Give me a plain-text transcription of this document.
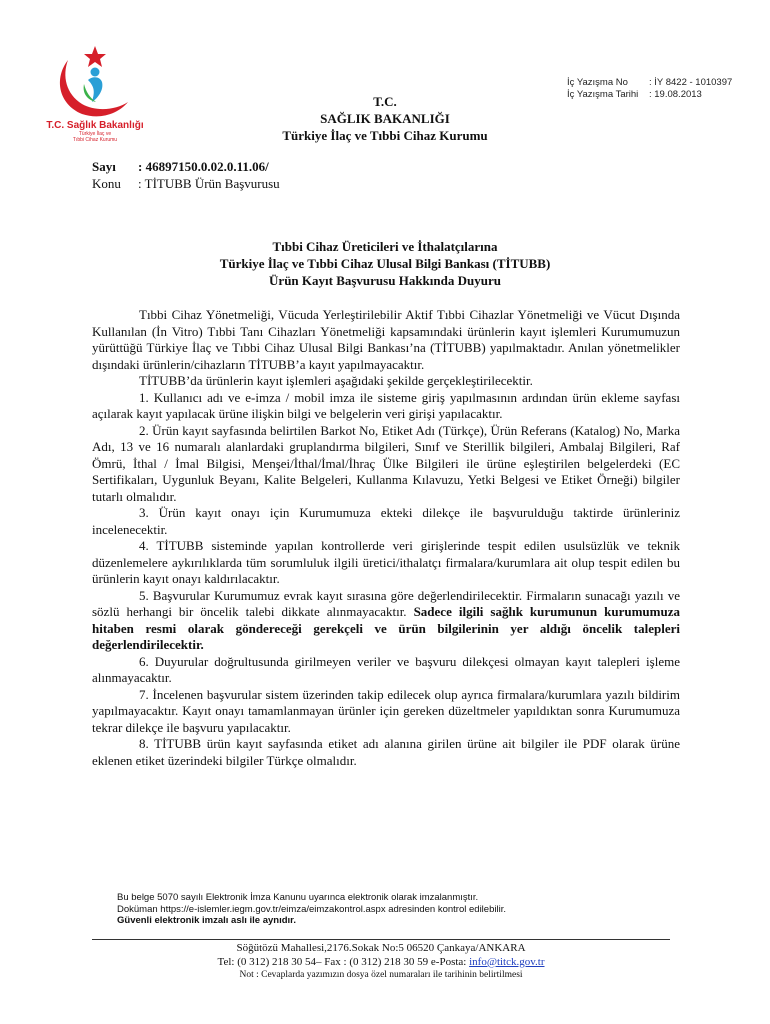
T.C. Sağlık Bakanlığı
Türkiye İlaç ve
Tıbbi Cihaz Kurumu
İç Yazışma No : İY 8422 - 1010397
İç Yazışma Tarihi : 19.08.2013
T.C.
SAĞLIK BAKANLIĞI
Türkiye İlaç ve Tıbbi Cihaz Kurumu
Sayı : 46897150.0.02.0.11.06/
Konu : TİTUBB Ürün Başvurusu
Tıbbi Cihaz Üreticileri ve İthalatçılarına
Türkiye İlaç ve Tıbbi Cihaz Ulusal Bilgi Bankası (TİTUBB)
Ürün Kayıt Başvurusu Hakkında Duyuru

Tıbbi Cihaz Yönetmeliği, Vücuda Yerleştirilebilir Aktif Tıbbi Cihazlar Yönetmeliği ve Vücut Dışında Kullanılan (İn Vitro) Tıbbi Tanı Cihazları Yönetmeliği kapsamındaki ürünlerin kayıt işlemleri Kurumumuzun yürüttüğü Türkiye İlaç ve Tıbbi Cihaz Ulusal Bilgi Bankası’na (TİTUBB) yapılmaktadır. Anılan yönetmelikler dışındaki ürünlerin/cihazların TİTUBB’a kayıt yapılmayacaktır.

TİTUBB’da ürünlerin kayıt işlemleri aşağıdaki şekilde gerçekleştirilecektir.

1. Kullanıcı adı ve e-imza / mobil imza ile sisteme giriş yapılmasının ardından ürün ekleme sayfası açılarak kayıt yapılacak ürüne ilişkin bilgi ve belgelerin veri girişi yapılacaktır.

2. Ürün kayıt sayfasında belirtilen Barkot No, Etiket Adı (Türkçe), Ürün Referans (Katalog) No, Marka Adı, 13 ve 16 numaralı alanlardaki gruplandırma bilgileri, Sınıf ve Sterillik bilgileri, Ambalaj Bilgileri, Raf Ömrü, İthal / İmal Bilgisi, Menşei/İthal/İmal/İhraç Ülke Bilgileri ile ürüne eşleştirilen belgelerdeki (EC Sertifikaları, Uygunluk Beyanı, Kalite Belgeleri, Kullanma Kılavuzu, Yetki Belgesi ve Etiket Örneği) bilgiler tutarlı olmalıdır.

3. Ürün kayıt onayı için Kurumumuza ekteki dilekçe ile başvurulduğu taktirde ürünleriniz incelenecektir.

4. TİTUBB sisteminde yapılan kontrollerde veri girişlerinde tespit edilen usulsüzlük ve teknik düzenlemelere aykırılıklarda tüm sorumluluk ilgili üretici/ithalatçı firmalara/kurumlara ait olup tespit edilen bu ürünlerin kayıt onayı kaldırılacaktır.

5. Başvurular Kurumumuz evrak kayıt sırasına göre değerlendirilecektir. Firmaların sunacağı yazılı ve sözlü herhangi bir öncelik talebi dikkate alınmayacaktır. Sadece ilgili sağlık kurumunun kurumumuza hitaben resmi olarak göndereceği gerekçeli ve ürün bilgilerinin yer aldığı öncelik talepleri değerlendirilecektir.

6. Duyurular doğrultusunda girilmeyen veriler ve başvuru dilekçesi olmayan kayıt talepleri işleme alınmayacaktır.

7. İncelenen başvurular sistem üzerinden takip edilecek olup ayrıca firmalara/kurumlara yazılı bildirim yapılmayacaktır. Kayıt onayı tamamlanmayan ürünler için gereken düzeltmeler yapıldıktan sonra Kurumumuza tekrar dilekçe ile başvuru yapılacaktır.

8. TİTUBB ürün kayıt sayfasında etiket adı alanına girilen ürüne ait bilgiler ile PDF olarak ürüne eklenen etiket üzerindeki bilgiler Türkçe olmalıdır.

Bu belge 5070 sayılı Elektronik İmza Kanunu uyarınca elektronik olarak imzalanmıştır.
Doküman https://e-islemler.iegm.gov.tr/eimza/eimzakontrol.aspx adresinden kontrol edilebilir.
Güvenli elektronik imzalı aslı ile aynıdır.
Söğütözü Mahallesi,2176.Sokak No:5 06520 Çankaya/ANKARA
Tel: (0 312) 218 30 54– Fax : (0 312) 218 30 59 e-Posta: info@titck.gov.tr
Not : Cevaplarda yazımızın dosya özel numaraları ile tarihinin belirtilmesi
